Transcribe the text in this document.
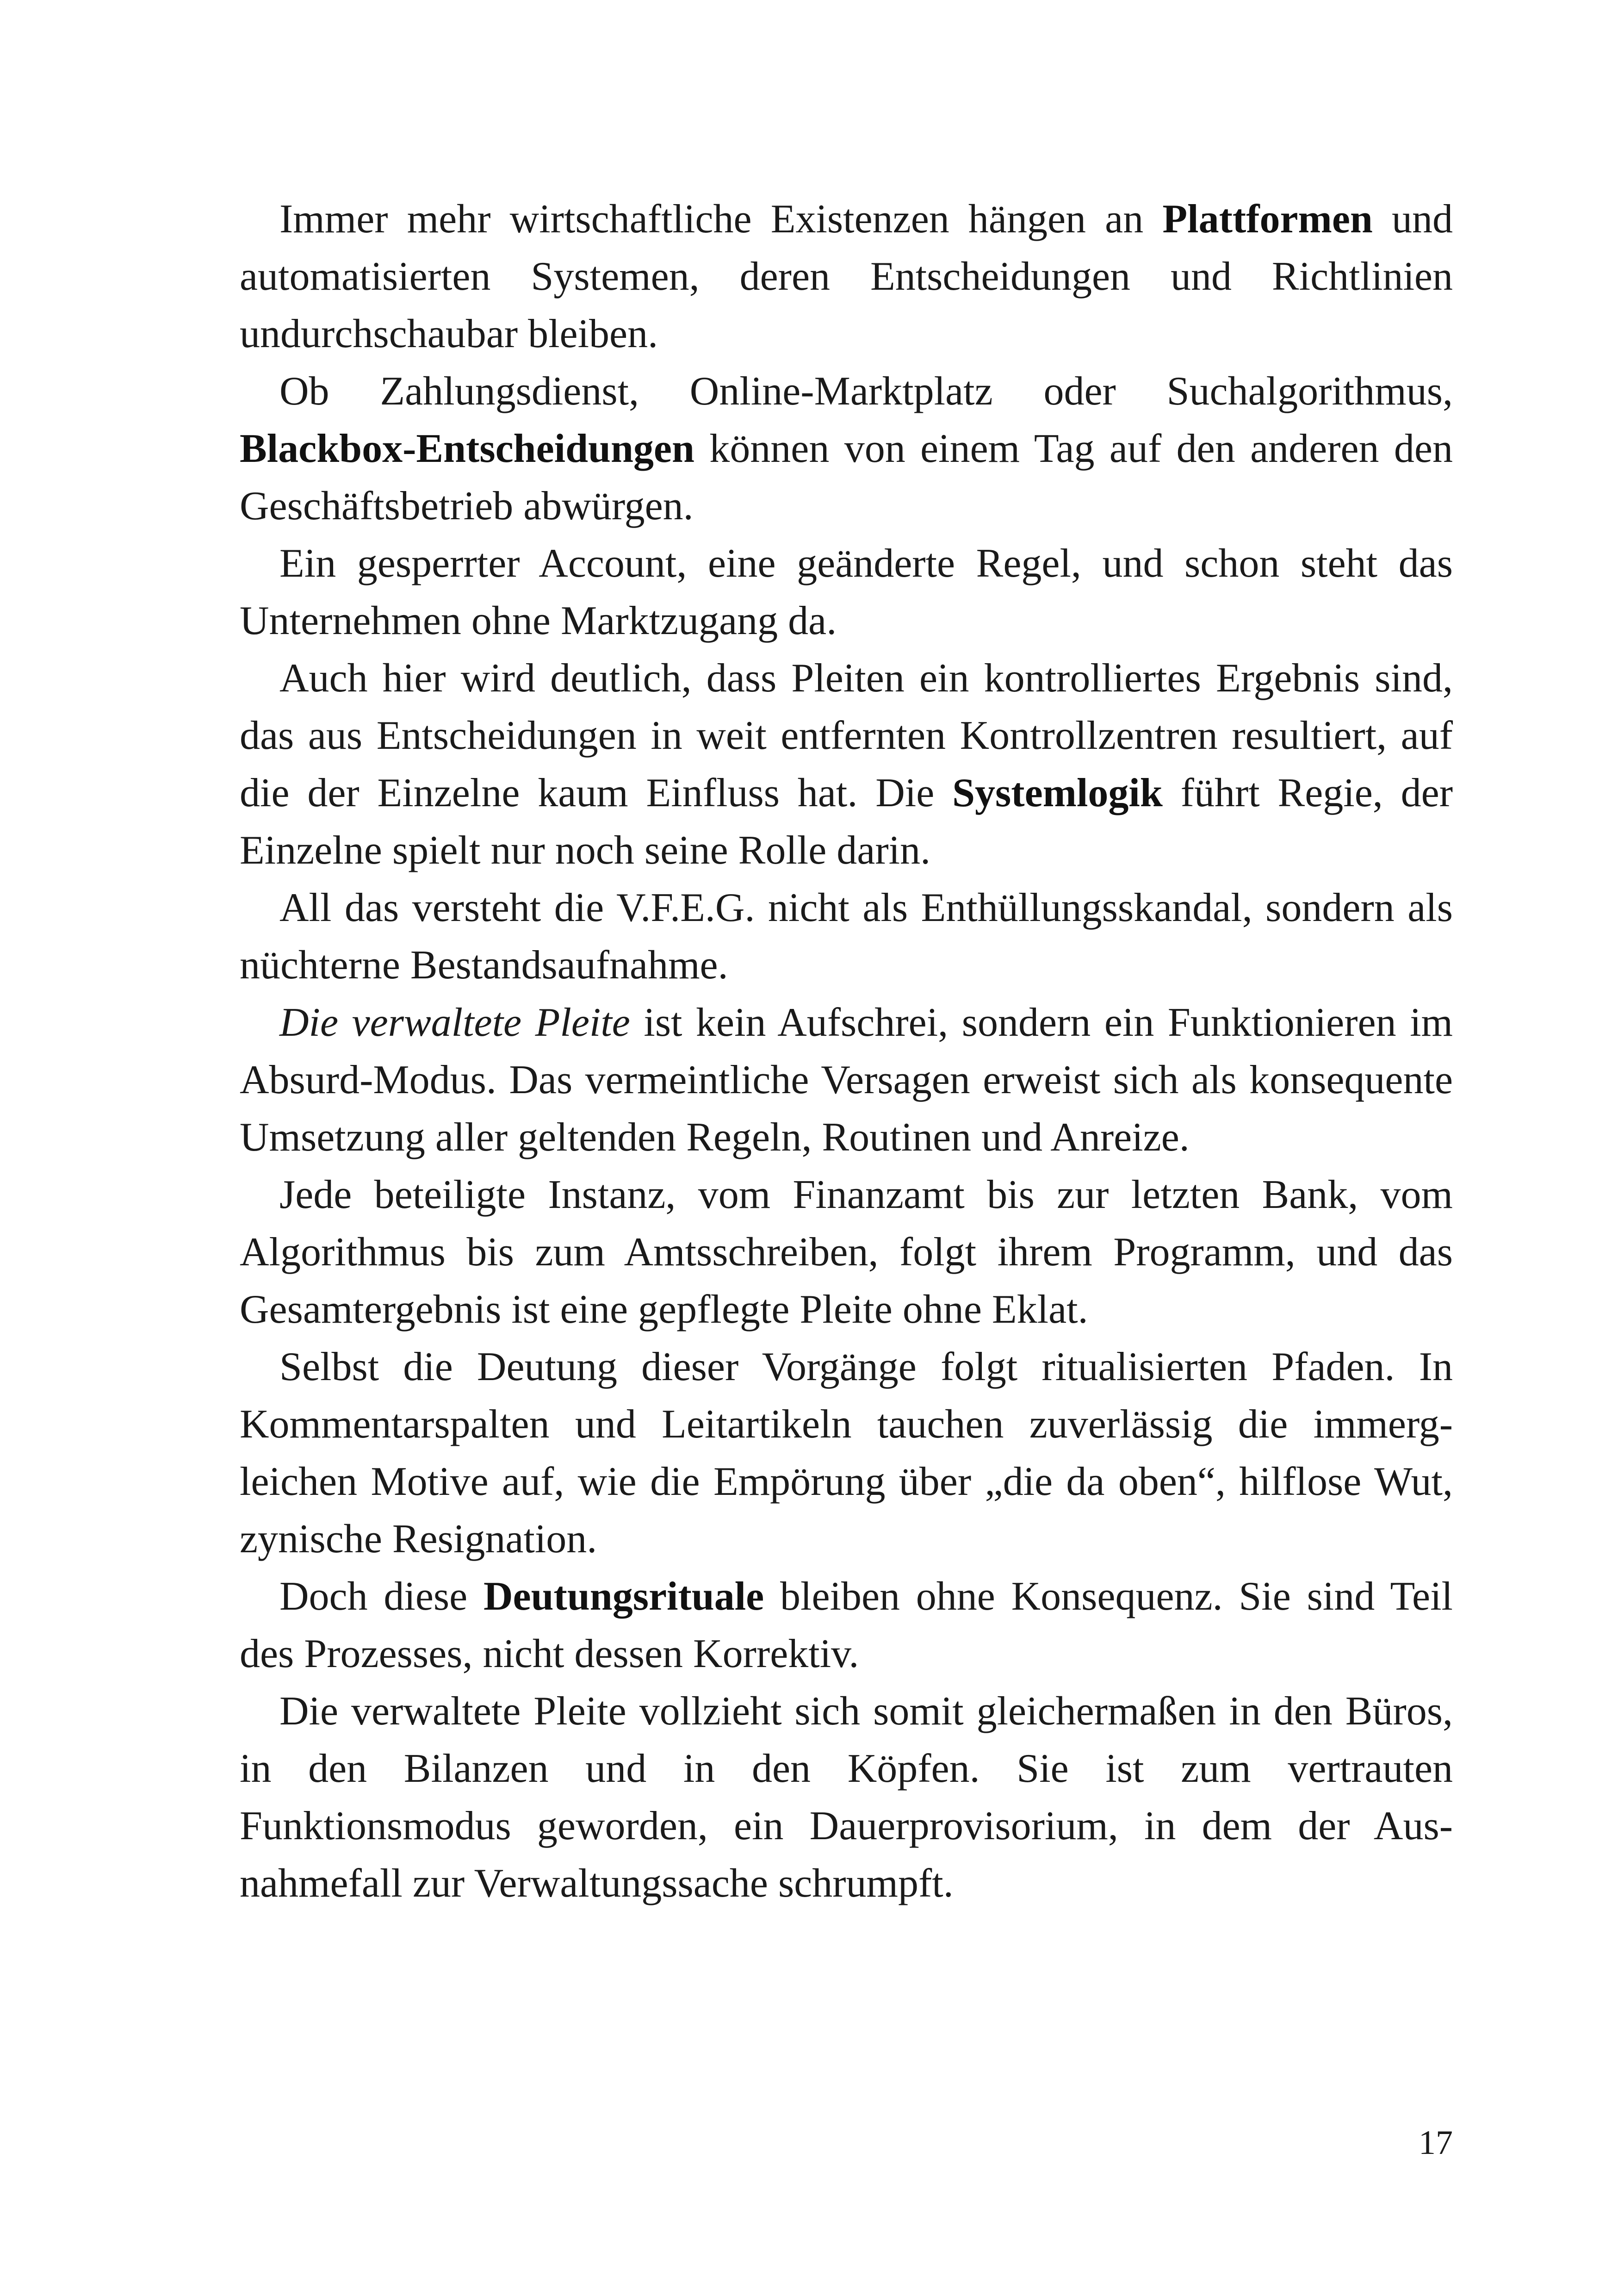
Immer mehr wirtschaftliche Existenzen hängen an Plattformen und automatisierten Systemen, deren Entscheidungen und Richtlinien undurchschaubar bleiben.

Ob Zahlungsdienst, Online-Marktplatz oder Suchalgorithmus, Blackbox-Entscheidungen können von einem Tag auf den anderen den Geschäftsbetrieb abwürgen.

Ein gesperrter Account, eine geänderte Regel, und schon steht das Unternehmen ohne Marktzugang da.

Auch hier wird deutlich, dass Pleiten ein kontrolliertes Ergebnis sind, das aus Entscheidungen in weit entfernten Kontrollzentren resultiert, auf die der Einzelne kaum Einfluss hat. Die Systemlogik führt Regie, der Einzelne spielt nur noch seine Rolle darin.

All das versteht die V.F.E.G. nicht als Enthüllungsskandal, sondern als nüchterne Bestandsaufnahme.

Die verwaltete Pleite ist kein Aufschrei, sondern ein Funktionieren im Absurd-Modus. Das vermeintliche Versagen erweist sich als konsequente Umsetzung aller geltenden Regeln, Routinen und Anreize.

Jede beteiligte Instanz, vom Finanzamt bis zur letzten Bank, vom Algorithmus bis zum Amtsschreiben, folgt ihrem Programm, und das Gesamtergebnis ist eine gepflegte Pleite ohne Eklat.

Selbst die Deutung dieser Vorgänge folgt ritualisierten Pfaden. In Kommentarspalten und Leitartikeln tauchen zuverlässig die immergleichen Motive auf, wie die Empörung über „die da oben“, hilflose Wut, zynische Resignation.

Doch diese Deutungsrituale bleiben ohne Konsequenz. Sie sind Teil des Prozesses, nicht dessen Korrektiv.

Die verwaltete Pleite vollzieht sich somit gleichermaßen in den Büros, in den Bilanzen und in den Köpfen. Sie ist zum vertrauten Funktionsmodus geworden, ein Dauerprovisorium, in dem der Ausnahmefall zur Verwaltungssache schrumpft.

17
